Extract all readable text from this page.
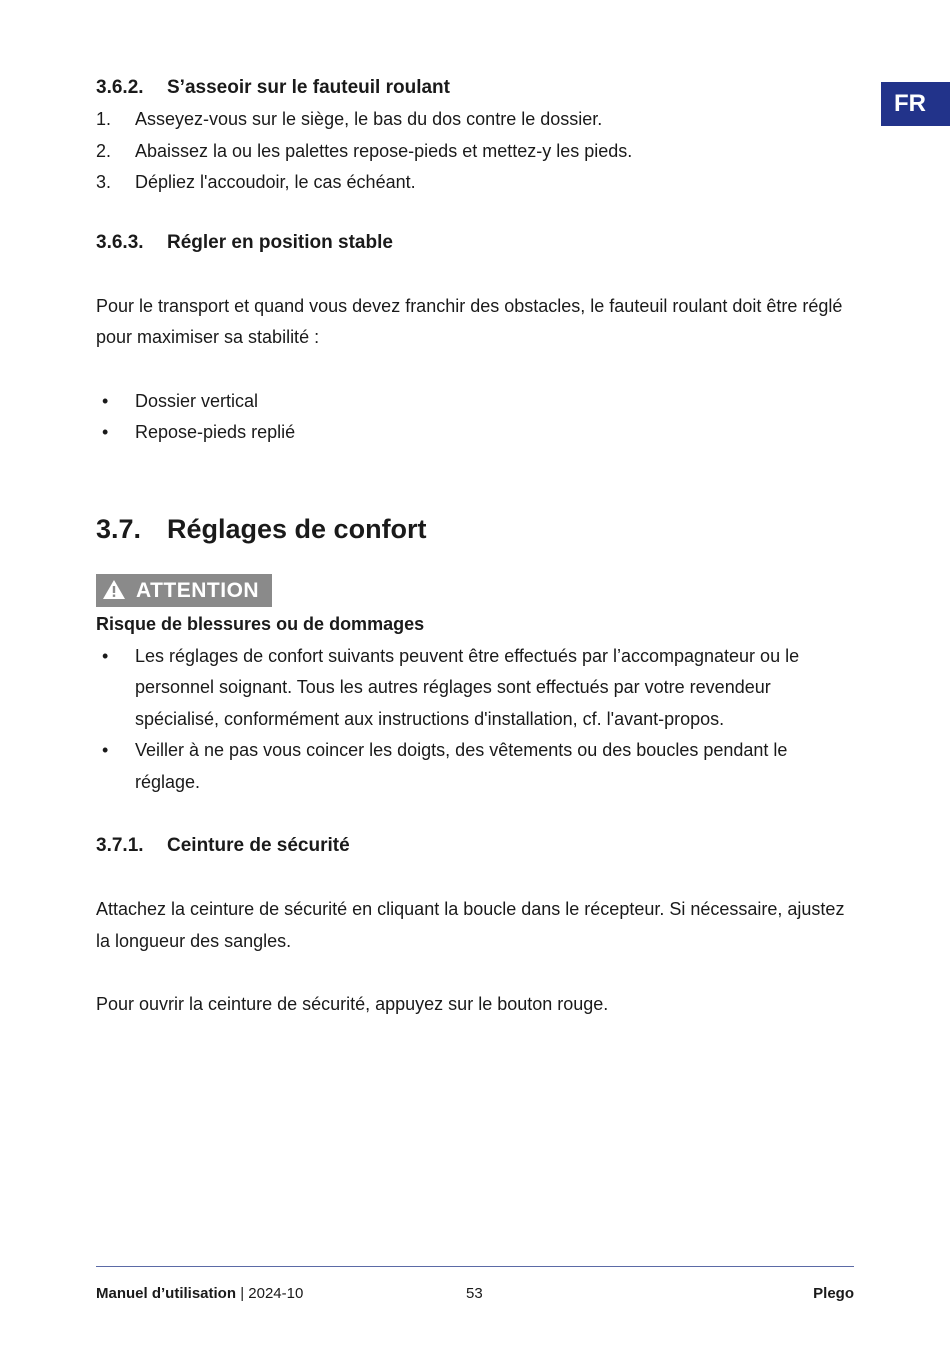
FR
3.6.2. S’asseoir sur le fauteuil roulant
1. Asseyez-vous sur le siège, le bas du dos contre le dossier.
2. Abaissez la ou les palettes repose-pieds et mettez-y les pieds.
3. Dépliez l'accoudoir, le cas échéant.
3.6.3. Régler en position stable

Pour le transport et quand vous devez franchir des obstacles, le fauteuil roulant doit être réglé pour maximiser sa stabilité :

• Dossier vertical
• Repose-pieds replié
3.7. Réglages de confort
ATTENTION

Risque de blessures ou de dommages

• Les réglages de confort suivants peuvent être effectués par l’accompagnateur ou le personnel soignant. Tous les autres réglages sont effectués par votre revendeur spécialisé, conformément aux instructions d'installation, cf. l'avant-propos.
• Veiller à ne pas vous coincer les doigts, des vêtements ou des boucles pendant le réglage.
3.7.1. Ceinture de sécurité

Attachez la ceinture de sécurité en cliquant la boucle dans le récepteur. Si nécessaire, ajustez la longueur des sangles.

Pour ouvrir la ceinture de sécurité, appuyez sur le bouton rouge.

Manuel d’utilisation | 2024-10	53	Plego
